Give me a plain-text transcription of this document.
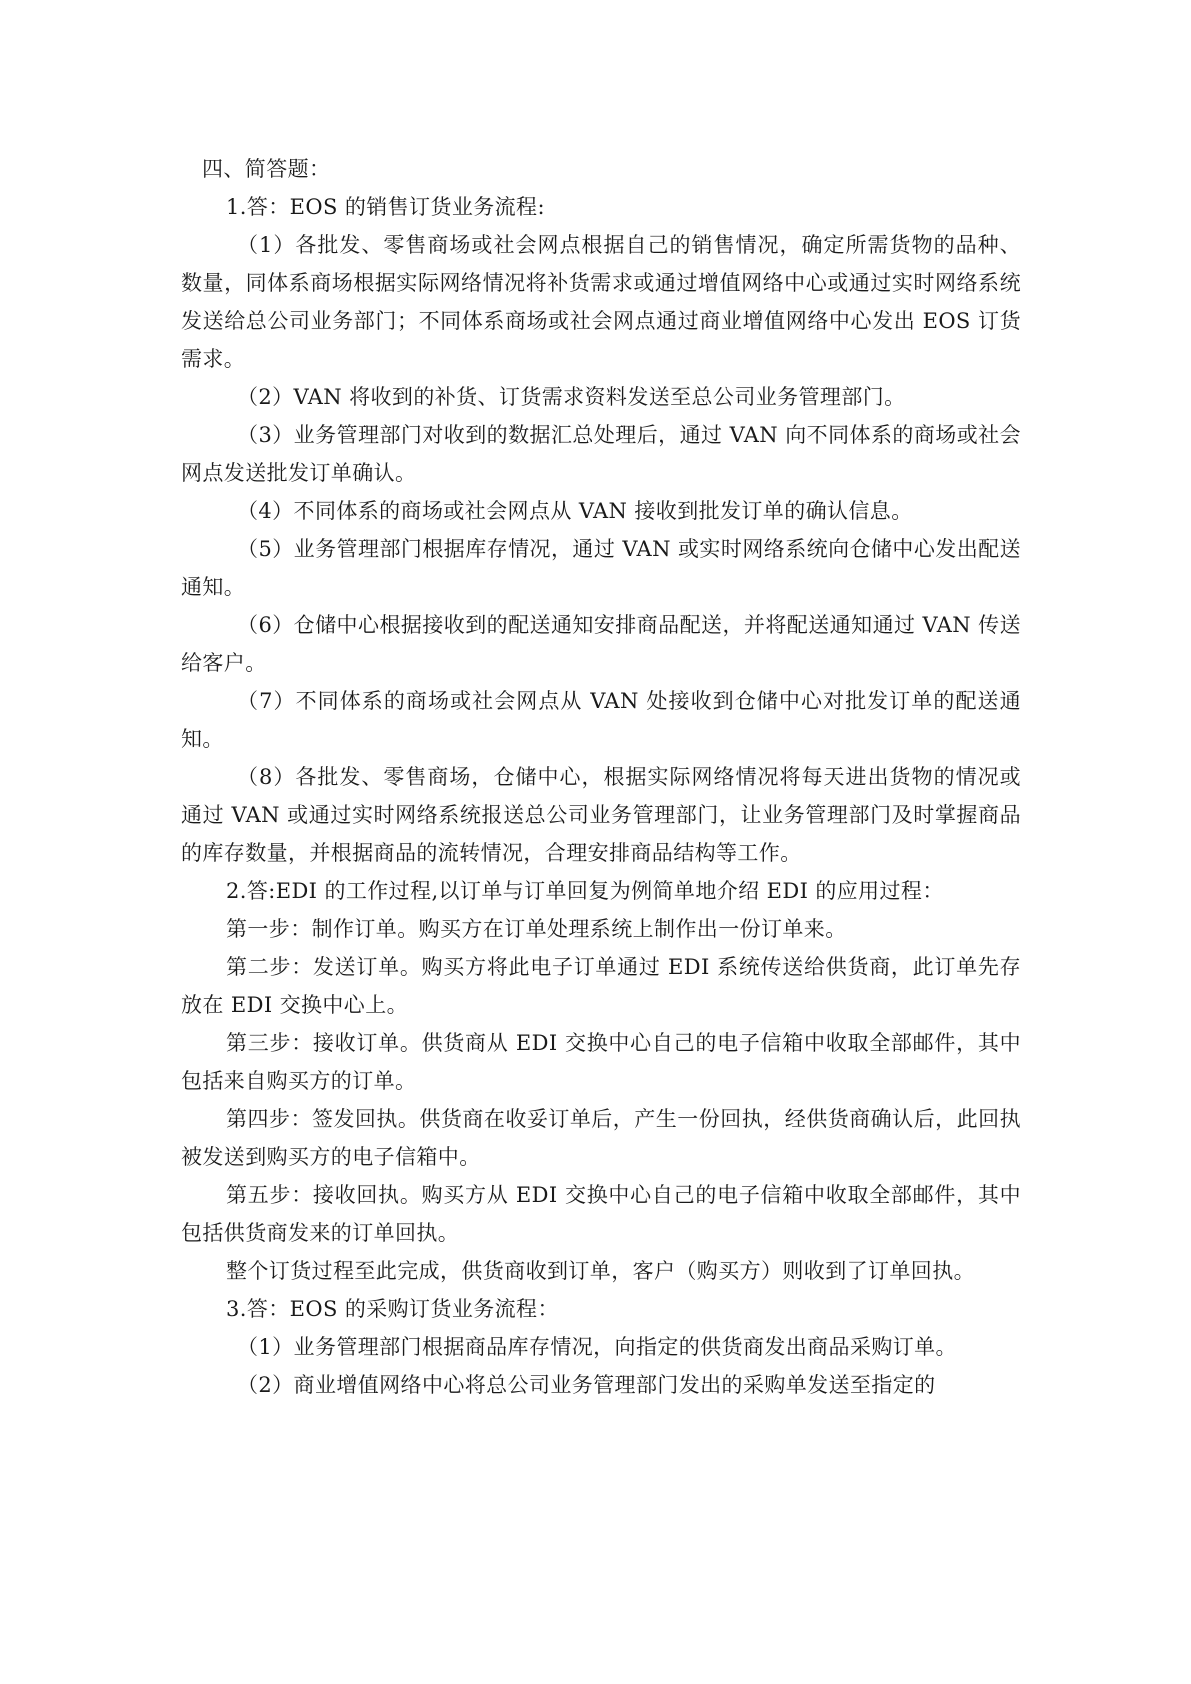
四、简答题：

1.答：EOS 的销售订货业务流程:

（1）各批发、零售商场或社会网点根据自己的销售情况，确定所需货物的品种、数量，同体系商场根据实际网络情况将补货需求或通过增值网络中心或通过实时网络系统发送给总公司业务部门；不同体系商场或社会网点通过商业增值网络中心发出 EOS 订货需求。

（2）VAN 将收到的补货、订货需求资料发送至总公司业务管理部门。

（3）业务管理部门对收到的数据汇总处理后，通过 VAN 向不同体系的商场或社会网点发送批发订单确认。

（4）不同体系的商场或社会网点从 VAN 接收到批发订单的确认信息。

（5）业务管理部门根据库存情况，通过 VAN 或实时网络系统向仓储中心发出配送通知。

（6）仓储中心根据接收到的配送通知安排商品配送，并将配送通知通过 VAN 传送给客户。

（7）不同体系的商场或社会网点从 VAN 处接收到仓储中心对批发订单的配送通知。

（8）各批发、零售商场，仓储中心，根据实际网络情况将每天进出货物的情况或通过 VAN 或通过实时网络系统报送总公司业务管理部门，让业务管理部门及时掌握商品的库存数量，并根据商品的流转情况，合理安排商品结构等工作。

2.答:EDI 的工作过程,以订单与订单回复为例简单地介绍 EDI 的应用过程：

第一步：制作订单。购买方在订单处理系统上制作出一份订单来。

第二步：发送订单。购买方将此电子订单通过 EDI 系统传送给供货商，此订单先存放在 EDI 交换中心上。

第三步：接收订单。供货商从 EDI 交换中心自己的电子信箱中收取全部邮件，其中包括来自购买方的订单。

第四步：签发回执。供货商在收妥订单后，产生一份回执，经供货商确认后，此回执被发送到购买方的电子信箱中。

第五步：接收回执。购买方从 EDI 交换中心自己的电子信箱中收取全部邮件，其中包括供货商发来的订单回执。

整个订货过程至此完成，供货商收到订单，客户（购买方）则收到了订单回执。

3.答：EOS 的采购订货业务流程：

（1）业务管理部门根据商品库存情况，向指定的供货商发出商品采购订单。

（2）商业增值网络中心将总公司业务管理部门发出的采购单发送至指定的
